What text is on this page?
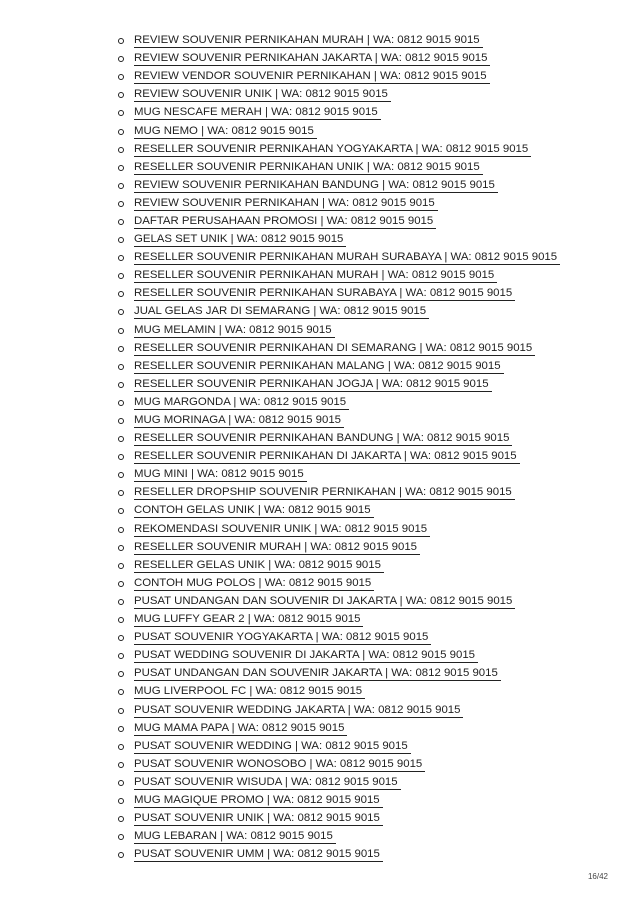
REVIEW SOUVENIR PERNIKAHAN MURAH | WA: 0812 9015 9015
REVIEW SOUVENIR PERNIKAHAN JAKARTA | WA: 0812 9015 9015
REVIEW VENDOR SOUVENIR PERNIKAHAN | WA: 0812 9015 9015
REVIEW SOUVENIR UNIK | WA: 0812 9015 9015
MUG NESCAFE MERAH | WA: 0812 9015 9015
MUG NEMO | WA: 0812 9015 9015
RESELLER SOUVENIR PERNIKAHAN YOGYAKARTA | WA: 0812 9015 9015
RESELLER SOUVENIR PERNIKAHAN UNIK | WA: 0812 9015 9015
REVIEW SOUVENIR PERNIKAHAN BANDUNG | WA: 0812 9015 9015
REVIEW SOUVENIR PERNIKAHAN | WA: 0812 9015 9015
DAFTAR PERUSAHAAN PROMOSI | WA: 0812 9015 9015
GELAS SET UNIK | WA: 0812 9015 9015
RESELLER SOUVENIR PERNIKAHAN MURAH SURABAYA | WA: 0812 9015 9015
RESELLER SOUVENIR PERNIKAHAN MURAH | WA: 0812 9015 9015
RESELLER SOUVENIR PERNIKAHAN SURABAYA | WA: 0812 9015 9015
JUAL GELAS JAR DI SEMARANG | WA: 0812 9015 9015
MUG MELAMIN | WA: 0812 9015 9015
RESELLER SOUVENIR PERNIKAHAN DI SEMARANG | WA: 0812 9015 9015
RESELLER SOUVENIR PERNIKAHAN MALANG | WA: 0812 9015 9015
RESELLER SOUVENIR PERNIKAHAN JOGJA | WA: 0812 9015 9015
MUG MARGONDA | WA: 0812 9015 9015
MUG MORINAGA | WA: 0812 9015 9015
RESELLER SOUVENIR PERNIKAHAN BANDUNG | WA: 0812 9015 9015
RESELLER SOUVENIR PERNIKAHAN DI JAKARTA | WA: 0812 9015 9015
MUG MINI | WA: 0812 9015 9015
RESELLER DROPSHIP SOUVENIR PERNIKAHAN | WA: 0812 9015 9015
CONTOH GELAS UNIK | WA: 0812 9015 9015
REKOMENDASI SOUVENIR UNIK | WA: 0812 9015 9015
RESELLER SOUVENIR MURAH | WA: 0812 9015 9015
RESELLER GELAS UNIK | WA: 0812 9015 9015
CONTOH MUG POLOS | WA: 0812 9015 9015
PUSAT UNDANGAN DAN SOUVENIR DI JAKARTA | WA: 0812 9015 9015
MUG LUFFY GEAR 2 | WA: 0812 9015 9015
PUSAT SOUVENIR YOGYAKARTA | WA: 0812 9015 9015
PUSAT WEDDING SOUVENIR DI JAKARTA | WA: 0812 9015 9015
PUSAT UNDANGAN DAN SOUVENIR JAKARTA | WA: 0812 9015 9015
MUG LIVERPOOL FC | WA: 0812 9015 9015
PUSAT SOUVENIR WEDDING JAKARTA | WA: 0812 9015 9015
MUG MAMA PAPA | WA: 0812 9015 9015
PUSAT SOUVENIR WEDDING | WA: 0812 9015 9015
PUSAT SOUVENIR WONOSOBO | WA: 0812 9015 9015
PUSAT SOUVENIR WISUDA | WA: 0812 9015 9015
MUG MAGIQUE PROMO | WA: 0812 9015 9015
PUSAT SOUVENIR UNIK | WA: 0812 9015 9015
MUG LEBARAN | WA: 0812 9015 9015
PUSAT SOUVENIR UMM | WA: 0812 9015 9015
16/42
